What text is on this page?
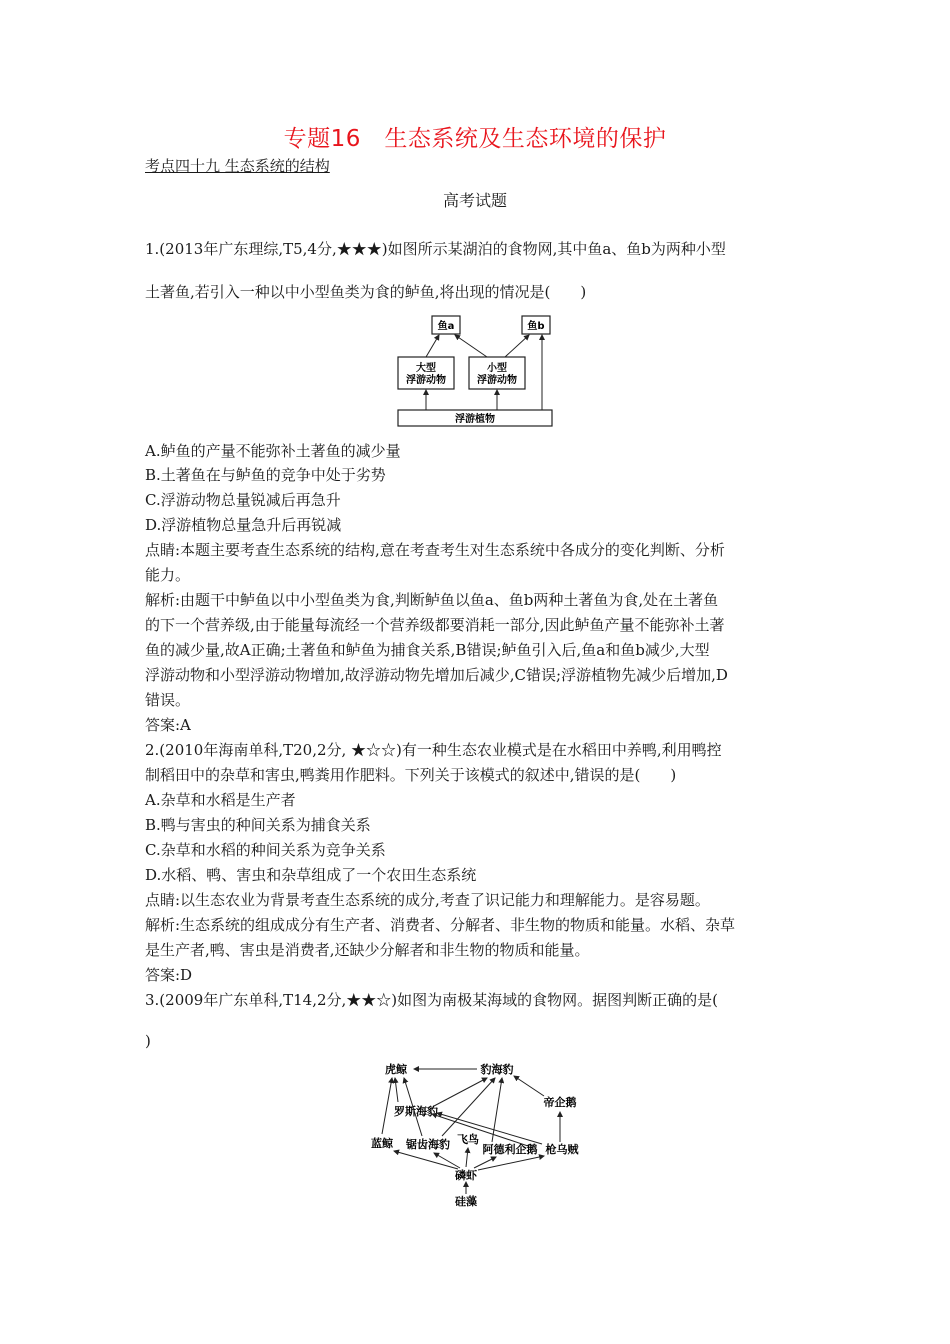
专题16　生态系统及生态环境的保护
考点四十九 生态系统的结构
高考试题
1.(2013年广东理综,T5,4分,★★★)如图所示某湖泊的食物网,其中鱼a、鱼b为两种小型
土著鱼,若引入一种以中小型鱼类为食的鲈鱼,将出现的情况是(　　)
鱼a	鱼b
大型
浮游动物
小型
浮游动物
浮游植物
A.鲈鱼的产量不能弥补土著鱼的减少量
B.土著鱼在与鲈鱼的竞争中处于劣势
C.浮游动物总量锐减后再急升
D.浮游植物总量急升后再锐减
点睛:本题主要考查生态系统的结构,意在考查考生对生态系统中各成分的变化判断、分析
能力。
解析:由题干中鲈鱼以中小型鱼类为食,判断鲈鱼以鱼a、鱼b两种土著鱼为食,处在土著鱼
的下一个营养级,由于能量每流经一个营养级都要消耗一部分,因此鲈鱼产量不能弥补土著
鱼的减少量,故A正确;土著鱼和鲈鱼为捕食关系,B错误;鲈鱼引入后,鱼a和鱼b减少,大型
浮游动物和小型浮游动物增加,故浮游动物先增加后减少,C错误;浮游植物先减少后增加,D
错误。
答案:A
2.(2010年海南单科,T20,2分, ★☆☆)有一种生态农业模式是在水稻田中养鸭,利用鸭控
制稻田中的杂草和害虫,鸭粪用作肥料。下列关于该模式的叙述中,错误的是(　　)
A.杂草和水稻是生产者
B.鸭与害虫的种间关系为捕食关系
C.杂草和水稻的种间关系为竞争关系
D.水稻、鸭、害虫和杂草组成了一个农田生态系统
点睛:以生态农业为背景考查生态系统的成分,考查了识记能力和理解能力。是容易题。
解析:生态系统的组成成分有生产者、消费者、分解者、非生物的物质和能量。水稻、杂草
是生产者,鸭、害虫是消费者,还缺少分解者和非生物的物质和能量。
答案:D
3.(2009年广东单科,T14,2分,★★☆)如图为南极某海域的食物网。据图判断正确的是(
)
虎鲸	豹海豹
罗斯海豹
帝企鹅
蓝鲸 锯齿海豹 飞鸟
阿德利企鹅 枪乌贼
磷虾
硅藻
